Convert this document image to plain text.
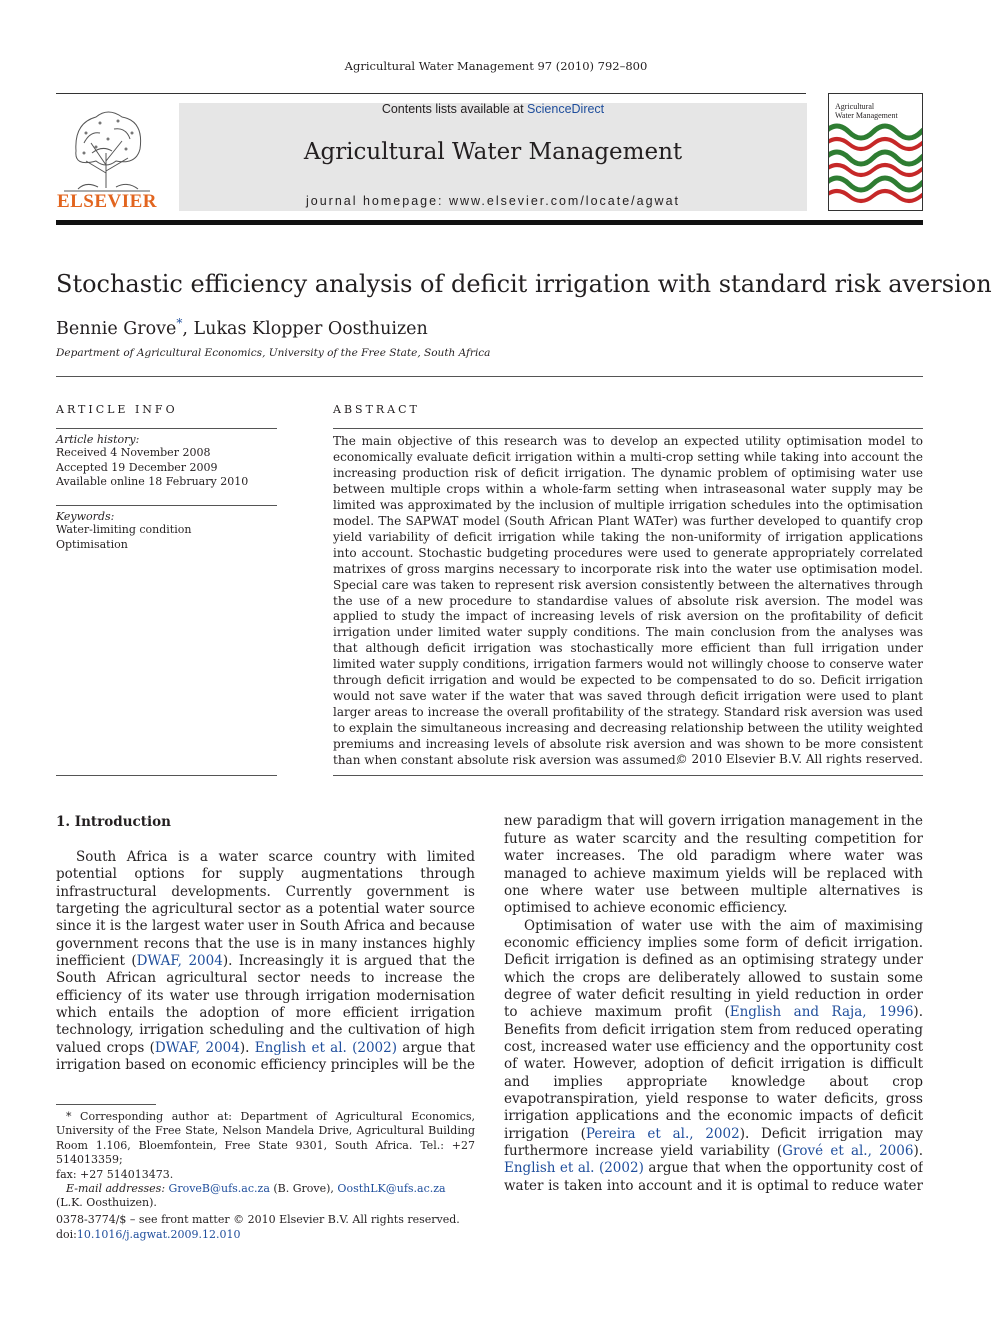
Agricultural Water Management 97 (2010) 792–800
ELSEVIER
Contents lists available at ScienceDirect
Agricultural Water Management
journal homepage: www.elsevier.com/locate/agwat
Agricultural
Water Management
Stochastic efficiency analysis of deficit irrigation with standard risk aversion
Bennie Grove*, Lukas Klopper Oosthuizen
Department of Agricultural Economics, University of the Free State, South Africa
ARTICLE INFO
Article history:
Received 4 November 2008
Accepted 19 December 2009
Available online 18 February 2010
Keywords:
Water-limiting condition
Optimisation
ABSTRACT
The main objective of this research was to develop an expected utility optimisation model to economically evaluate deficit irrigation within a multi-crop setting while taking into account the increasing production risk of deficit irrigation. The dynamic problem of optimising water use between multiple crops within a whole-farm setting when intraseasonal water supply may be limited was approximated by the inclusion of multiple irrigation schedules into the optimisation model. The SAPWAT model (South African Plant WATer) was further developed to quantify crop yield variability of deficit irrigation while taking the non-uniformity of irrigation applications into account. Stochastic budgeting procedures were used to generate appropriately correlated matrixes of gross margins necessary to incorporate risk into the water use optimisation model. Special care was taken to represent risk aversion consistently between the alternatives through the use of a new procedure to standardise values of absolute risk aversion. The model was applied to study the impact of increasing levels of risk aversion on the profitability of deficit irrigation under limited water supply conditions. The main conclusion from the analyses was that although deficit irrigation was stochastically more efficient than full irrigation under limited water supply conditions, irrigation farmers would not willingly choose to conserve water through deficit irrigation and would be expected to be compensated to do so. Deficit irrigation would not save water if the water that was saved through deficit irrigation were used to plant larger areas to increase the overall profitability of the strategy. Standard risk aversion was used to explain the simultaneous increasing and decreasing relationship between the utility weighted premiums and increasing levels of absolute risk aversion and was shown to be more consistent than when constant absolute risk aversion was assumed.
© 2010 Elsevier B.V. All rights reserved.
1. Introduction

South Africa is a water scarce country with limited potential options for supply augmentations through infrastructural developments. Currently government is targeting the agricultural sector as a potential water source since it is the largest water user in South Africa and because government recons that the use is in many instances highly inefficient (DWAF, 2004). Increasingly it is argued that the South African agricultural sector needs to increase the efficiency of its water use through irrigation modernisation which entails the adoption of more efficient irrigation technology, irrigation scheduling and the cultivation of high valued crops (DWAF, 2004). English et al. (2002) argue that irrigation based on economic efficiency principles will be the

new paradigm that will govern irrigation management in the future as water scarcity and the resulting competition for water increases. The old paradigm where water was managed to achieve maximum yields will be replaced with one where water use between multiple alternatives is optimised to achieve economic efficiency.

Optimisation of water use with the aim of maximising economic efficiency implies some form of deficit irrigation. Deficit irrigation is defined as an optimising strategy under which the crops are deliberately allowed to sustain some degree of water deficit resulting in yield reduction in order to achieve maximum profit (English and Raja, 1996). Benefits from deficit irrigation stem from reduced operating cost, increased water use efficiency and the opportunity cost of water. However, adoption of deficit irrigation is difficult and implies appropriate knowledge about crop evapotranspiration, yield response to water deficits, gross irrigation applications and the economic impacts of deficit irrigation (Pereira et al., 2002). Deficit irrigation may furthermore increase yield variability (Grové et al., 2006). English et al. (2002) argue that when the opportunity cost of water is taken into account and it is optimal to reduce water

* Corresponding author at: Department of Agricultural Economics, University of the Free State, Nelson Mandela Drive, Agricultural Building Room 1.106, Bloemfontein, Free State 9301, South Africa. Tel.: +27 514013359;
fax: +27 514013473.
E-mail addresses: GroveB@ufs.ac.za (B. Grove), OosthLK@ufs.ac.za
(L.K. Oosthuizen).
0378-3774/$ – see front matter © 2010 Elsevier B.V. All rights reserved.
doi:10.1016/j.agwat.2009.12.010
